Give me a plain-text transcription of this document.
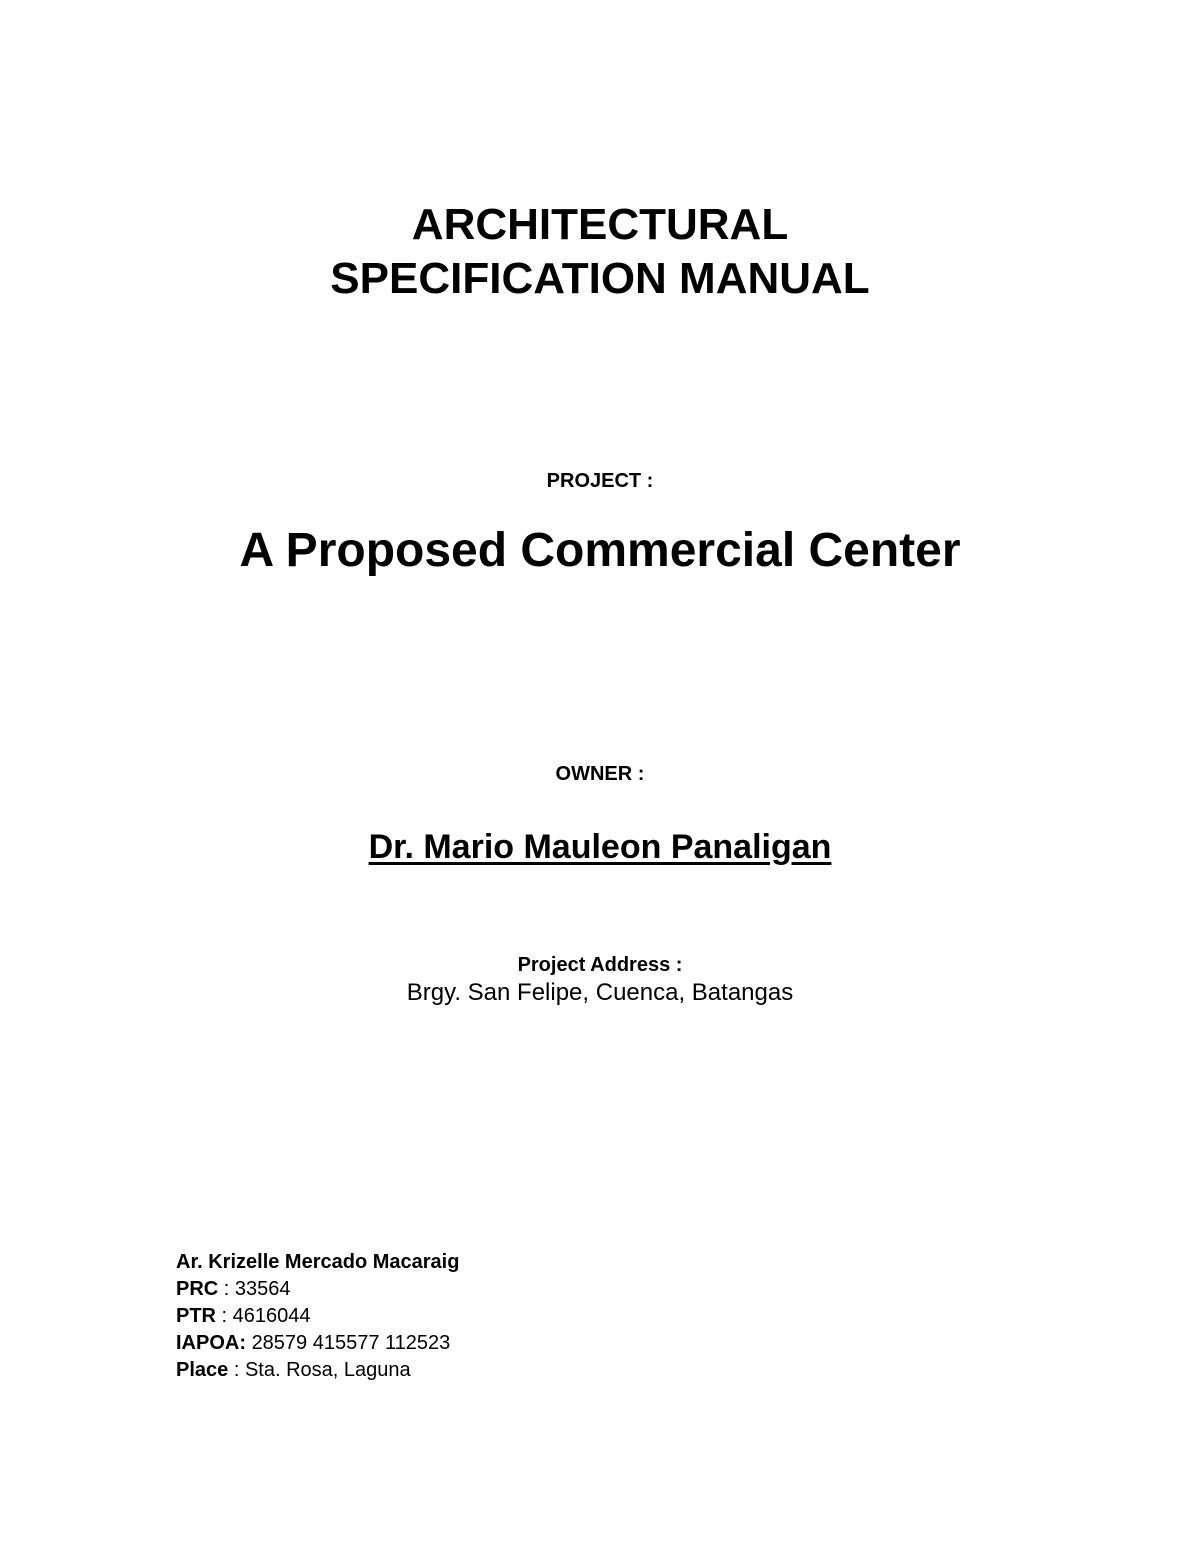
ARCHITECTURAL
SPECIFICATION MANUAL
PROJECT :
A Proposed Commercial Center
OWNER :
Dr. Mario Mauleon Panaligan
Project Address :
Brgy. San Felipe, Cuenca, Batangas
Ar. Krizelle Mercado Macaraig
PRC : 33564
PTR : 4616044
IAPOA: 28579 415577 112523
Place : Sta. Rosa, Laguna
